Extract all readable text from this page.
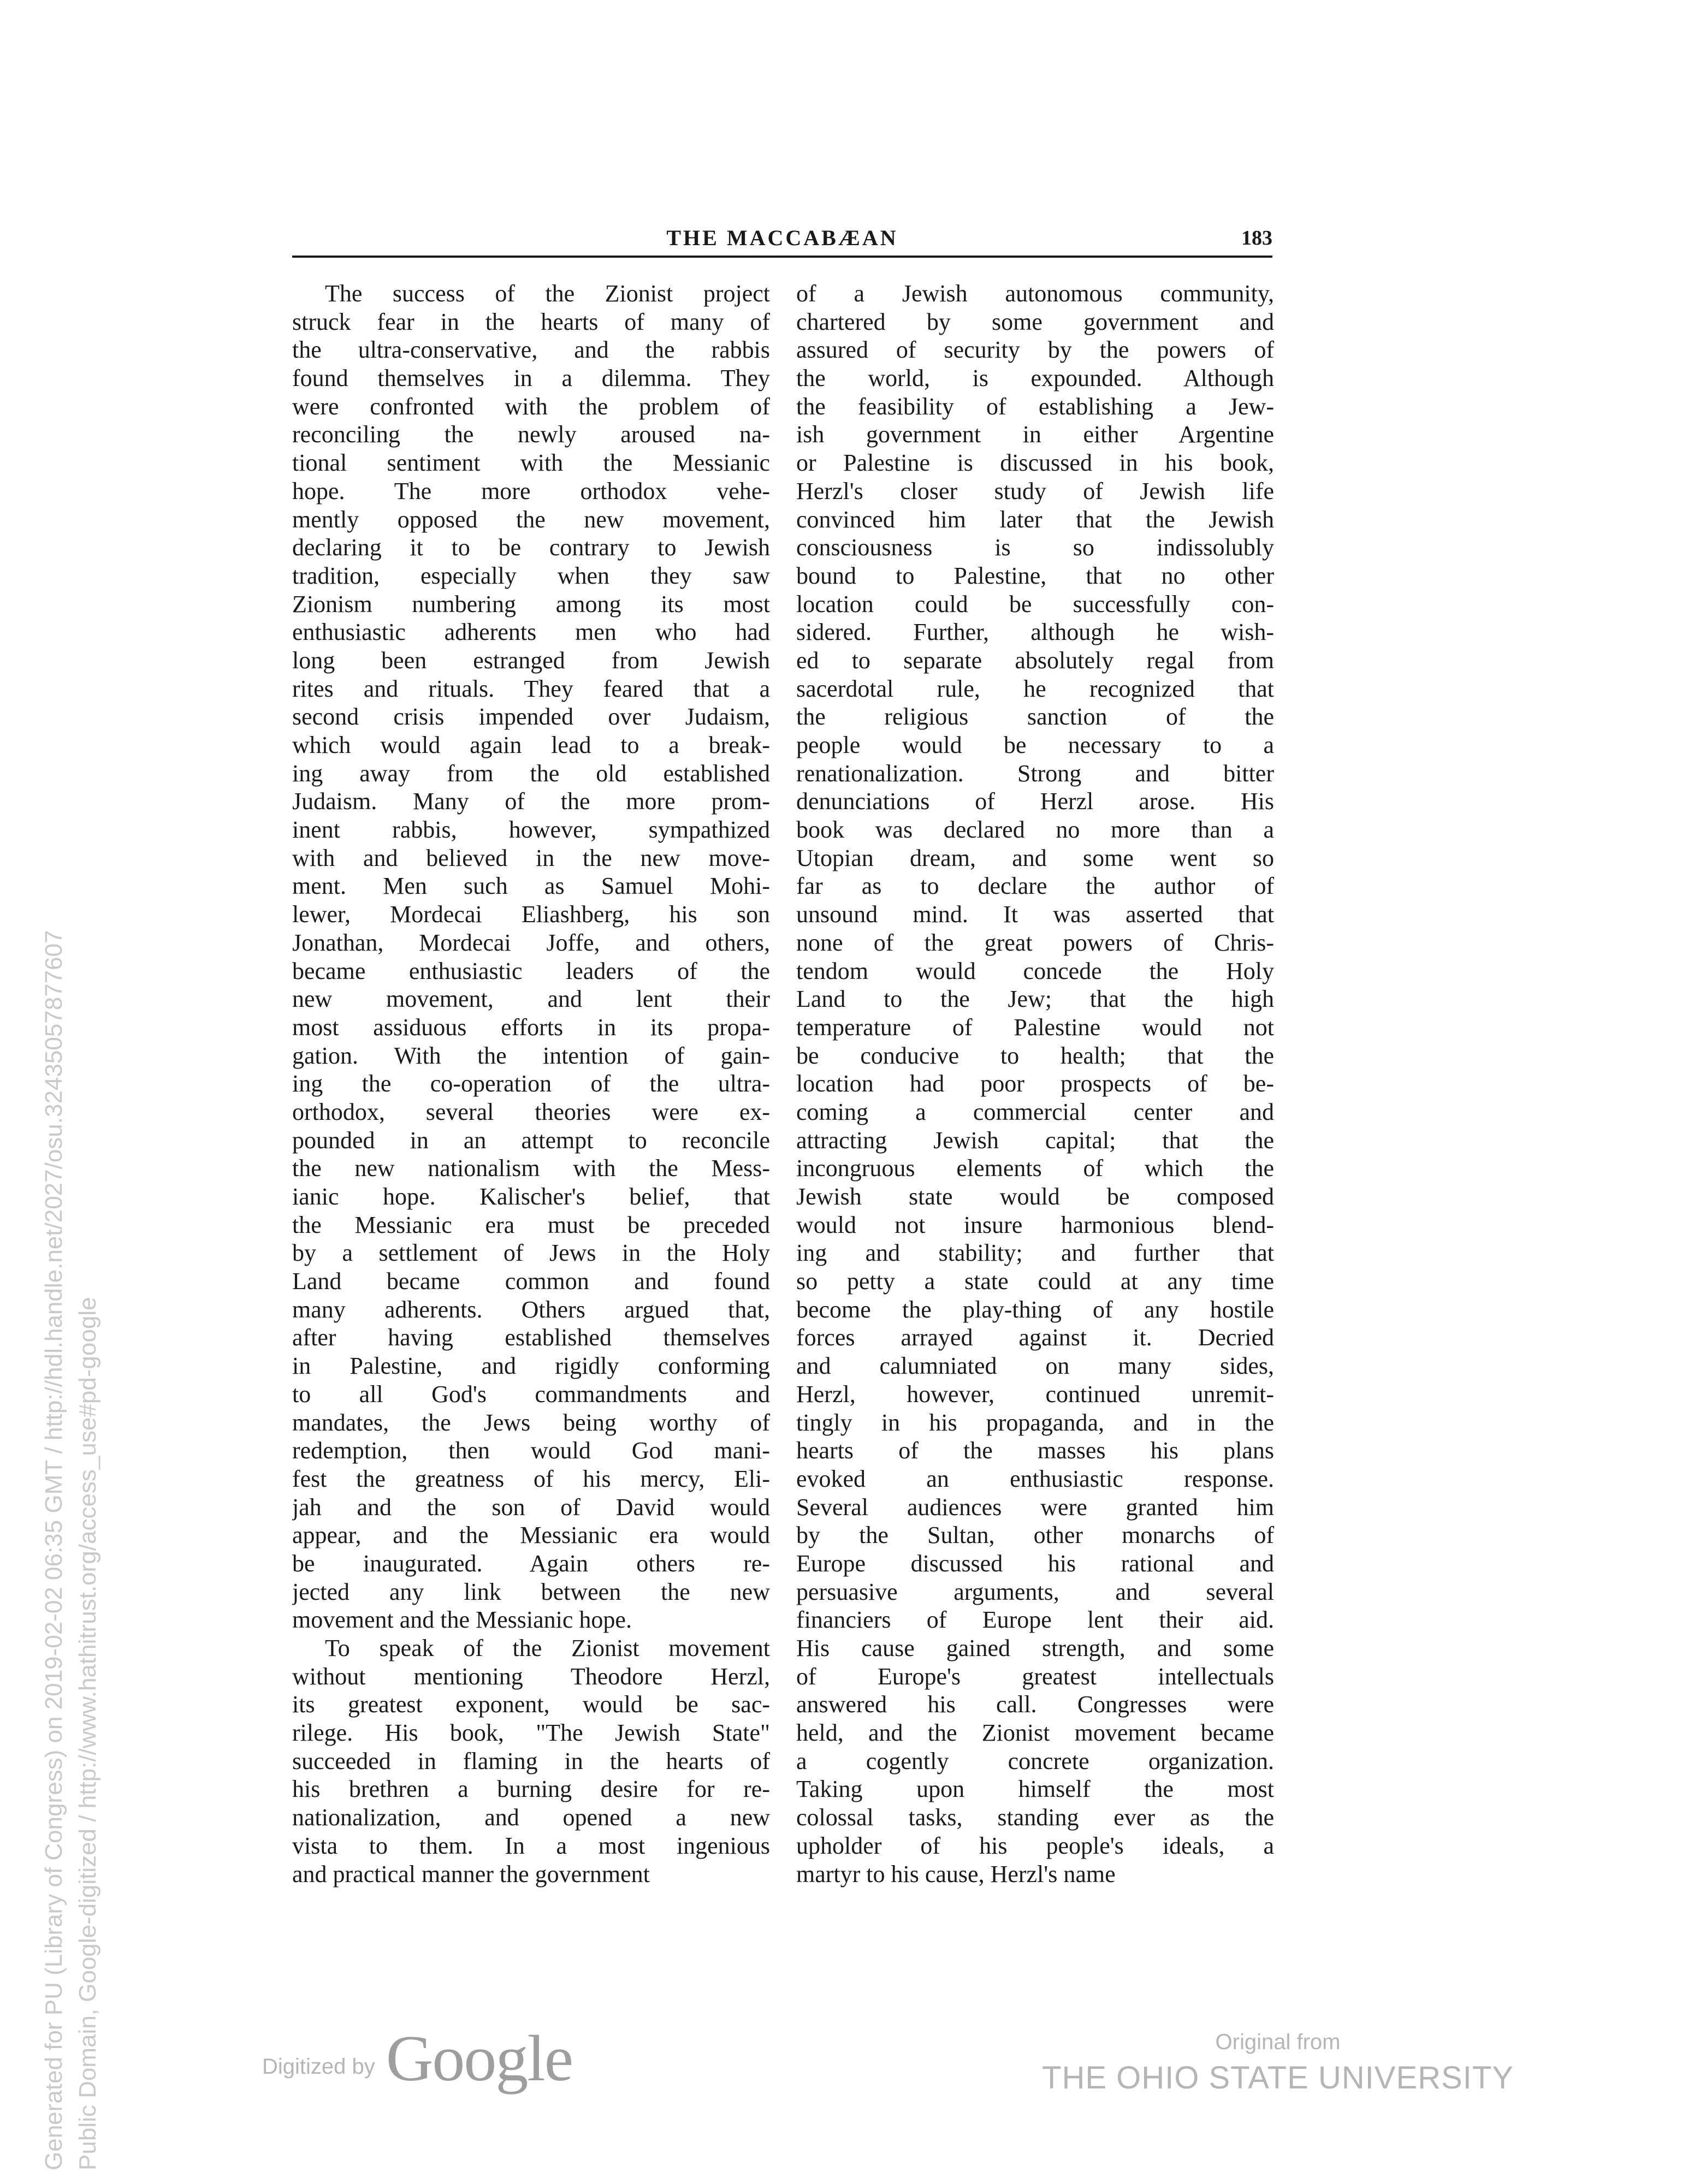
THE MACCABÆAN	183
The success of the Zionist project
struck fear in the hearts of many of
the ultra-conservative, and the rabbis
found themselves in a dilemma. They
were confronted with the problem of
reconciling the newly aroused na-
tional sentiment with the Messianic
hope. The more orthodox vehe-
mently opposed the new movement,
declaring it to be contrary to Jewish
tradition, especially when they saw
Zionism numbering among its most
enthusiastic adherents men who had
long been estranged from Jewish
rites and rituals. They feared that a
second crisis impended over Judaism,
which would again lead to a break-
ing away from the old established
Judaism. Many of the more prom-
inent rabbis, however, sympathized
with and believed in the new move-
ment. Men such as Samuel Mohi-
lewer, Mordecai Eliashberg, his son
Jonathan, Mordecai Joffe, and others,
became enthusiastic leaders of the
new movement, and lent their
most assiduous efforts in its propa-
gation. With the intention of gain-
ing the co-operation of the ultra-
orthodox, several theories were ex-
pounded in an attempt to reconcile
the new nationalism with the Mess-
ianic hope. Kalischer's belief, that
the Messianic era must be preceded
by a settlement of Jews in the Holy
Land became common and found
many adherents. Others argued that,
after having established themselves
in Palestine, and rigidly conforming
to all God's commandments and
mandates, the Jews being worthy of
redemption, then would God mani-
fest the greatness of his mercy, Eli-
jah and the son of David would
appear, and the Messianic era would
be inaugurated. Again others re-
jected any link between the new
movement and the Messianic hope.
To speak of the Zionist movement
without mentioning Theodore Herzl,
its greatest exponent, would be sac-
rilege. His book, "The Jewish State"
succeeded in flaming in the hearts of
his brethren a burning desire for re-
nationalization, and opened a new
vista to them. In a most ingenious
and practical manner the government
of a Jewish autonomous community,
chartered by some government and
assured of security by the powers of
the world, is expounded. Although
the feasibility of establishing a Jew-
ish government in either Argentine
or Palestine is discussed in his book,
Herzl's closer study of Jewish life
convinced him later that the Jewish
consciousness is so indissolubly
bound to Palestine, that no other
location could be successfully con-
sidered. Further, although he wish-
ed to separate absolutely regal from
sacerdotal rule, he recognized that
the religious sanction of the
people would be necessary to a
renationalization. Strong and bitter
denunciations of Herzl arose. His
book was declared no more than a
Utopian dream, and some went so
far as to declare the author of
unsound mind. It was asserted that
none of the great powers of Chris-
tendom would concede the Holy
Land to the Jew; that the high
temperature of Palestine would not
be conducive to health; that the
location had poor prospects of be-
coming a commercial center and
attracting Jewish capital; that the
incongruous elements of which the
Jewish state would be composed
would not insure harmonious blend-
ing and stability; and further that
so petty a state could at any time
become the play-thing of any hostile
forces arrayed against it. Decried
and calumniated on many sides,
Herzl, however, continued unremit-
tingly in his propaganda, and in the
hearts of the masses his plans
evoked an enthusiastic response.
Several audiences were granted him
by the Sultan, other monarchs of
Europe discussed his rational and
persuasive arguments, and several
financiers of Europe lent their aid.
His cause gained strength, and some
of Europe's greatest intellectuals
answered his call. Congresses were
held, and the Zionist movement became
a cogently concrete organization.
Taking upon himself the most
colossal tasks, standing ever as the
upholder of his people's ideals, a
martyr to his cause, Herzl's name
Generated for PU (Library of Congress) on 2019-02-02 06:35 GMT / http://hdl.handle.net/2027/osu.32435057877607 Public Domain, Google-digitized / http://www.hathitrust.org/access_use#pd-google	Digitized by Google	Original from
THE OHIO STATE UNIVERSITY
